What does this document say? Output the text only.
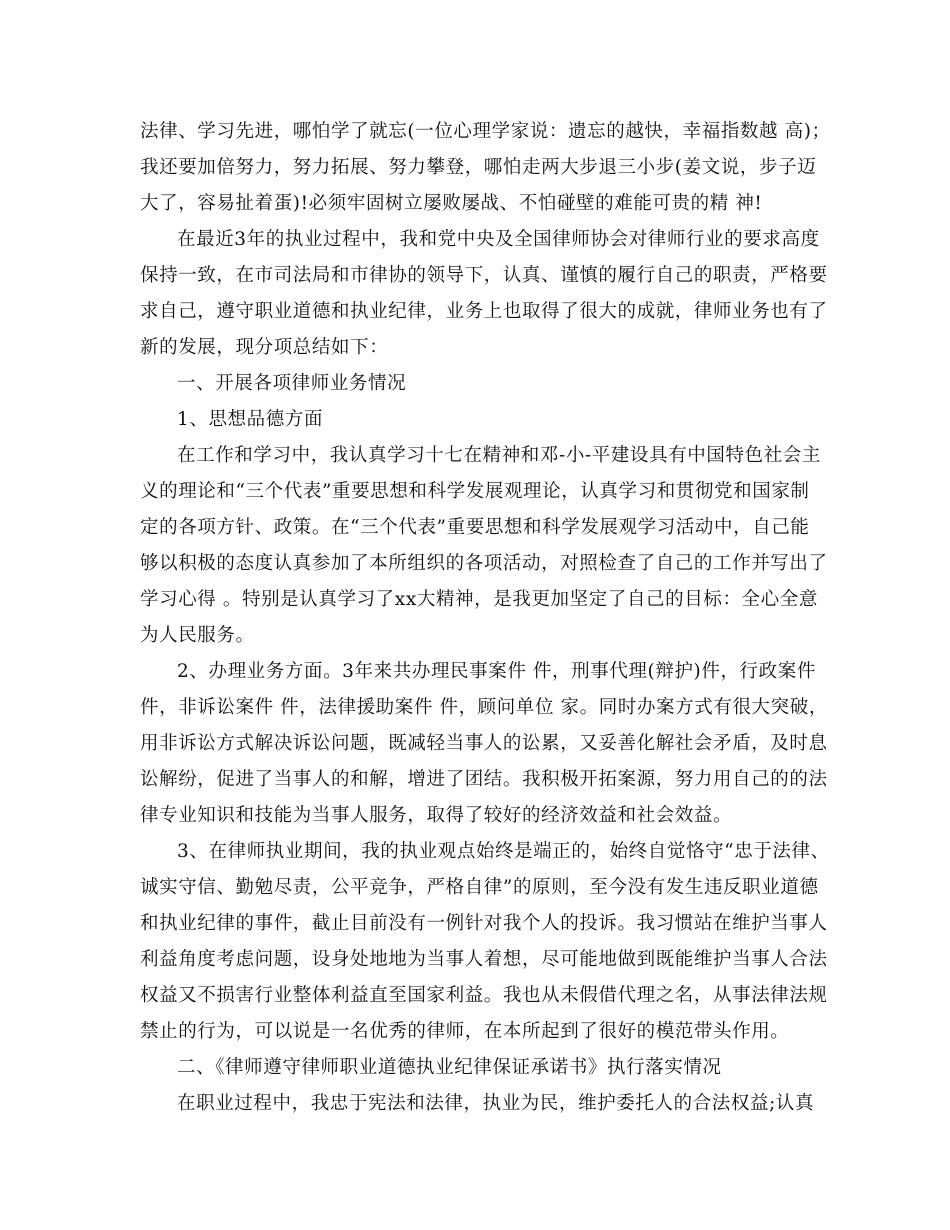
法律、学习先进，哪怕学了就忘(一位心理学家说：遗忘的越快，幸福指数越 高)；
我还要加倍努力，努力拓展、努力攀登，哪怕走两大步退三小步(姜文说，步子迈
大了，容易扯着蛋)!必须牢固树立屡败屡战、不怕碰壁的难能可贵的精 神!
在最近3年的执业过程中，我和党中央及全国律师协会对律师行业的要求高度
保持一致，在市司法局和市律协的领导下，认真、谨慎的履行自己的职责，严格要
求自己，遵守职业道德和执业纪律，业务上也取得了很大的成就，律师业务也有了
新的发展，现分项总结如下：
一、开展各项律师业务情况
1、思想品德方面
在工作和学习中，我认真学习十七在精神和邓-小-平建设具有中国特色社会主
义的理论和“三个代表”重要思想和科学发展观理论，认真学习和贯彻党和国家制
定的各项方针、政策。在“三个代表”重要思想和科学发展观学习活动中，自己能
够以积极的态度认真参加了本所组织的各项活动，对照检查了自己的工作并写出了
学习心得 。特别是认真学习了xx大精神，是我更加坚定了自己的目标：全心全意
为人民服务。
2、办理业务方面。3年来共办理民事案件 件，刑事代理(辩护)件，行政案件
件，非诉讼案件 件，法律援助案件 件，顾问单位 家。同时办案方式有很大突破，
用非诉讼方式解决诉讼问题，既减轻当事人的讼累，又妥善化解社会矛盾，及时息
讼解纷，促进了当事人的和解，增进了团结。我积极开拓案源，努力用自己的的法
律专业知识和技能为当事人服务，取得了较好的经济效益和社会效益。
3、在律师执业期间，我的执业观点始终是端正的，始终自觉恪守“忠于法律、
诚实守信、勤勉尽责，公平竞争，严格自律”的原则，至今没有发生违反职业道德
和执业纪律的事件，截止目前没有一例针对我个人的投诉。我习惯站在维护当事人
利益角度考虑问题，设身处地地为当事人着想，尽可能地做到既能维护当事人合法
权益又不损害行业整体利益直至国家利益。我也从未假借代理之名，从事法律法规
禁止的行为，可以说是一名优秀的律师，在本所起到了很好的模范带头作用。
二、《律师遵守律师职业道德执业纪律保证承诺书》执行落实情况
在职业过程中，我忠于宪法和法律，执业为民，维护委托人的合法权益;认真
